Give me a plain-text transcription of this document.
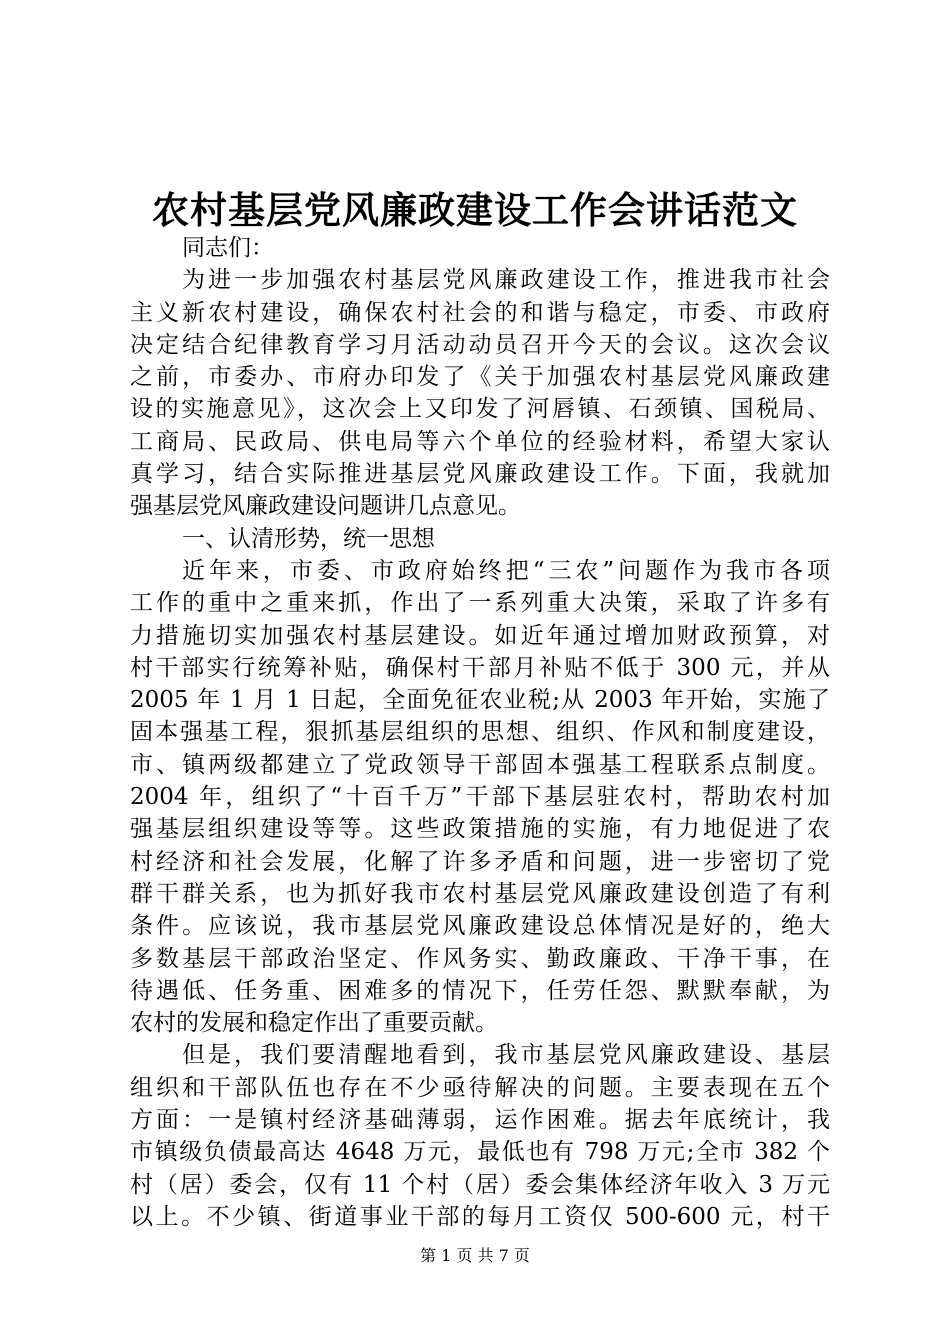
农村基层党风廉政建设工作会讲话范文
同志们：
为进一步加强农村基层党风廉政建设工作，推进我市社会
主义新农村建设，确保农村社会的和谐与稳定，市委、市政府
决定结合纪律教育学习月活动动员召开今天的会议。这次会议
之前，市委办、市府办印发了《关于加强农村基层党风廉政建
设的实施意见》，这次会上又印发了河唇镇、石颈镇、国税局、
工商局、民政局、供电局等六个单位的经验材料，希望大家认
真学习，结合实际推进基层党风廉政建设工作。下面，我就加
强基层党风廉政建设问题讲几点意见。
一、认清形势，统一思想
近年来，市委、市政府始终把“三农”问题作为我市各项
工作的重中之重来抓，作出了一系列重大决策，采取了许多有
力措施切实加强农村基层建设。如近年通过增加财政预算，对
村干部实行统筹补贴，确保村干部月补贴不低于 300 元，并从
2005 年 1 月 1 日起，全面免征农业税;从 2003 年开始，实施了
固本强基工程，狠抓基层组织的思想、组织、作风和制度建设，
市、镇两级都建立了党政领导干部固本强基工程联系点制度。
2004 年，组织了“十百千万”干部下基层驻农村，帮助农村加
强基层组织建设等等。这些政策措施的实施，有力地促进了农
村经济和社会发展，化解了许多矛盾和问题，进一步密切了党
群干群关系，也为抓好我市农村基层党风廉政建设创造了有利
条件。应该说，我市基层党风廉政建设总体情况是好的，绝大
多数基层干部政治坚定、作风务实、勤政廉政、干净干事，在
待遇低、任务重、困难多的情况下，任劳任怨、默默奉献，为
农村的发展和稳定作出了重要贡献。
但是，我们要清醒地看到，我市基层党风廉政建设、基层
组织和干部队伍也存在不少亟待解决的问题。主要表现在五个
方面：一是镇村经济基础薄弱，运作困难。据去年底统计，我
市镇级负债最高达 4648 万元，最低也有 798 万元;全市 382 个
村（居）委会，仅有 11 个村（居）委会集体经济年收入 3 万元
以上。不少镇、街道事业干部的每月工资仅 500-600 元，村干
第 1 页 共 7 页
